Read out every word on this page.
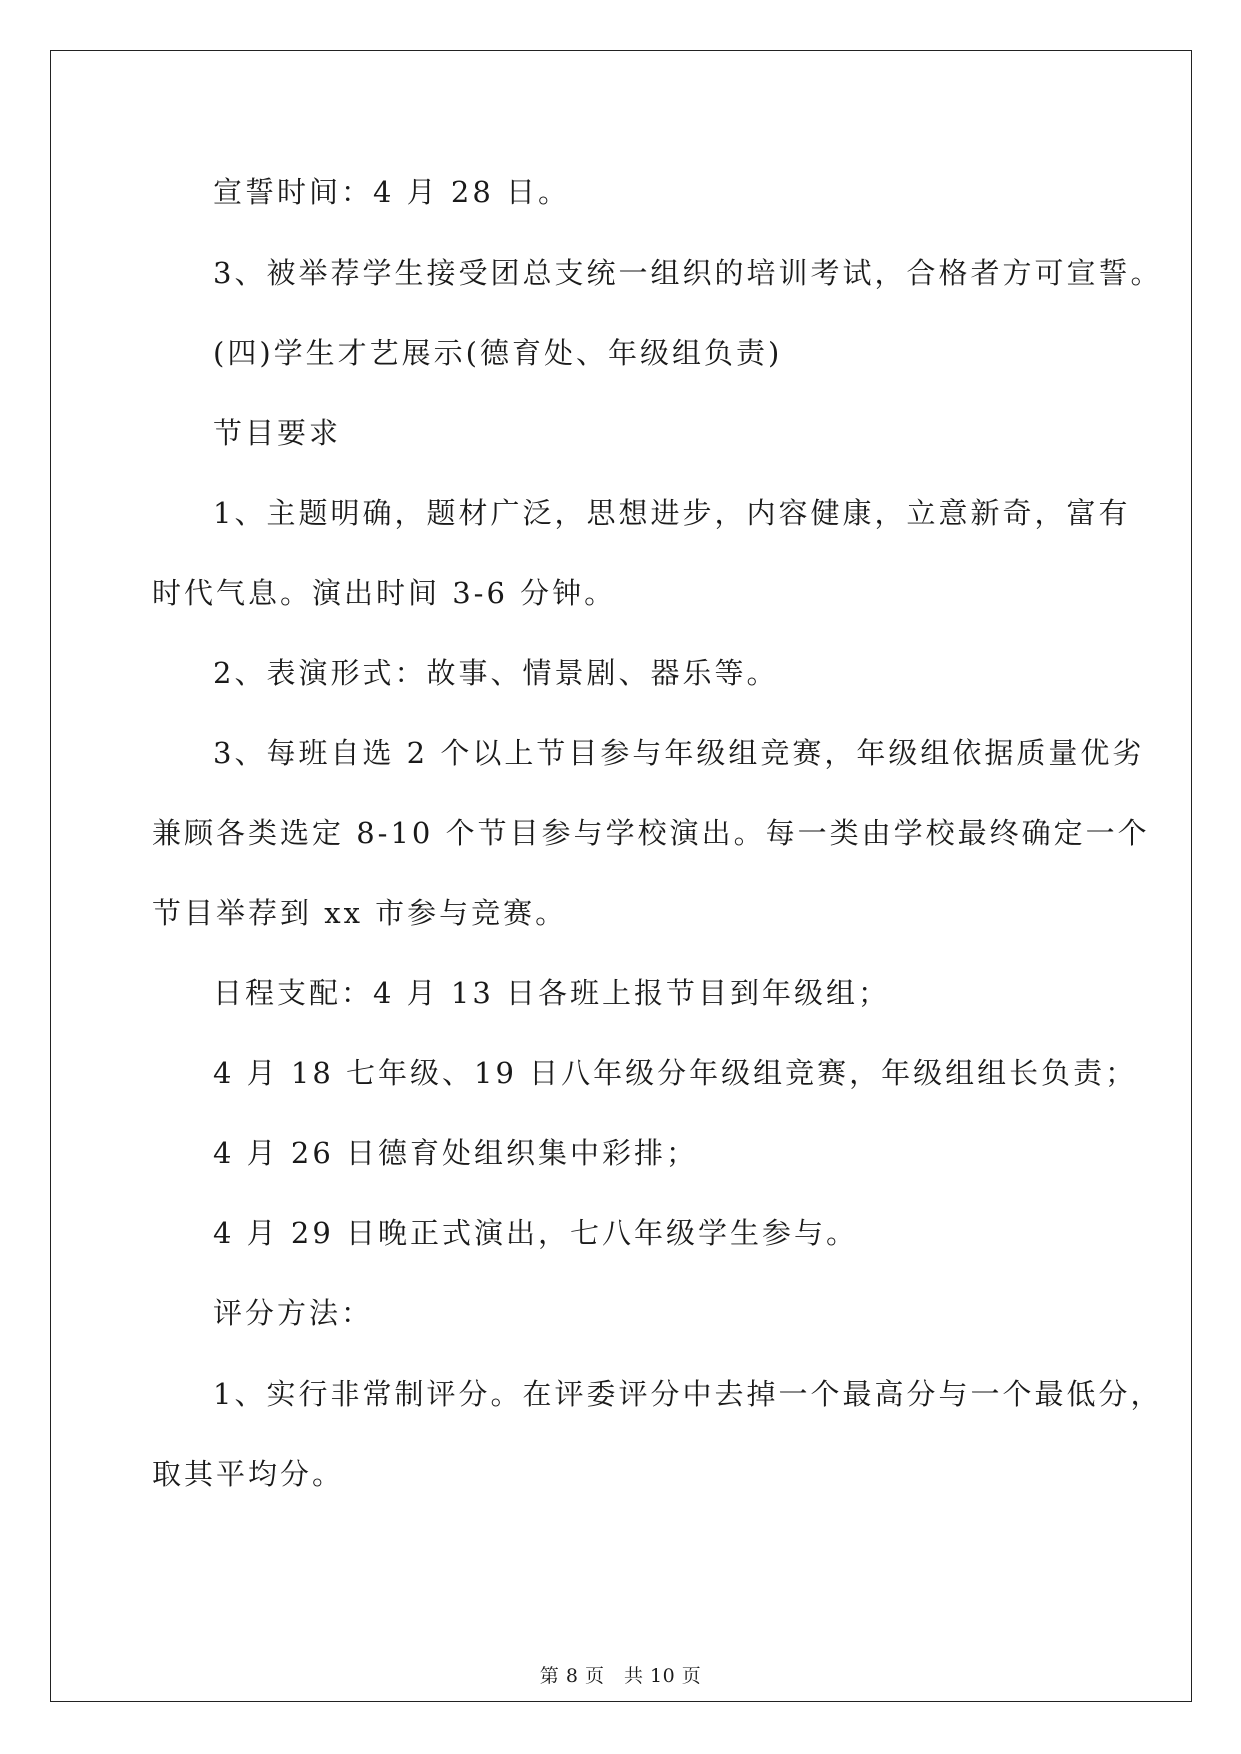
宣誓时间：4 月 28 日。
3、被举荐学生接受团总支统一组织的培训考试，合格者方可宣誓。
(四)学生才艺展示(德育处、年级组负责)
节目要求
1、主题明确，题材广泛，思想进步，内容健康，立意新奇，富有
时代气息。演出时间 3-6 分钟。
2、表演形式：故事、情景剧、器乐等。
3、每班自选 2 个以上节目参与年级组竞赛，年级组依据质量优劣
兼顾各类选定 8-10 个节目参与学校演出。每一类由学校最终确定一个
节目举荐到 xx 市参与竞赛。
日程支配：4 月 13 日各班上报节目到年级组；
4 月 18 七年级、19 日八年级分年级组竞赛，年级组组长负责；
4 月 26 日德育处组织集中彩排；
4 月 29 日晚正式演出，七八年级学生参与。
评分方法：
1、实行非常制评分。在评委评分中去掉一个最高分与一个最低分，
取其平均分。
第 8 页　共 10 页
